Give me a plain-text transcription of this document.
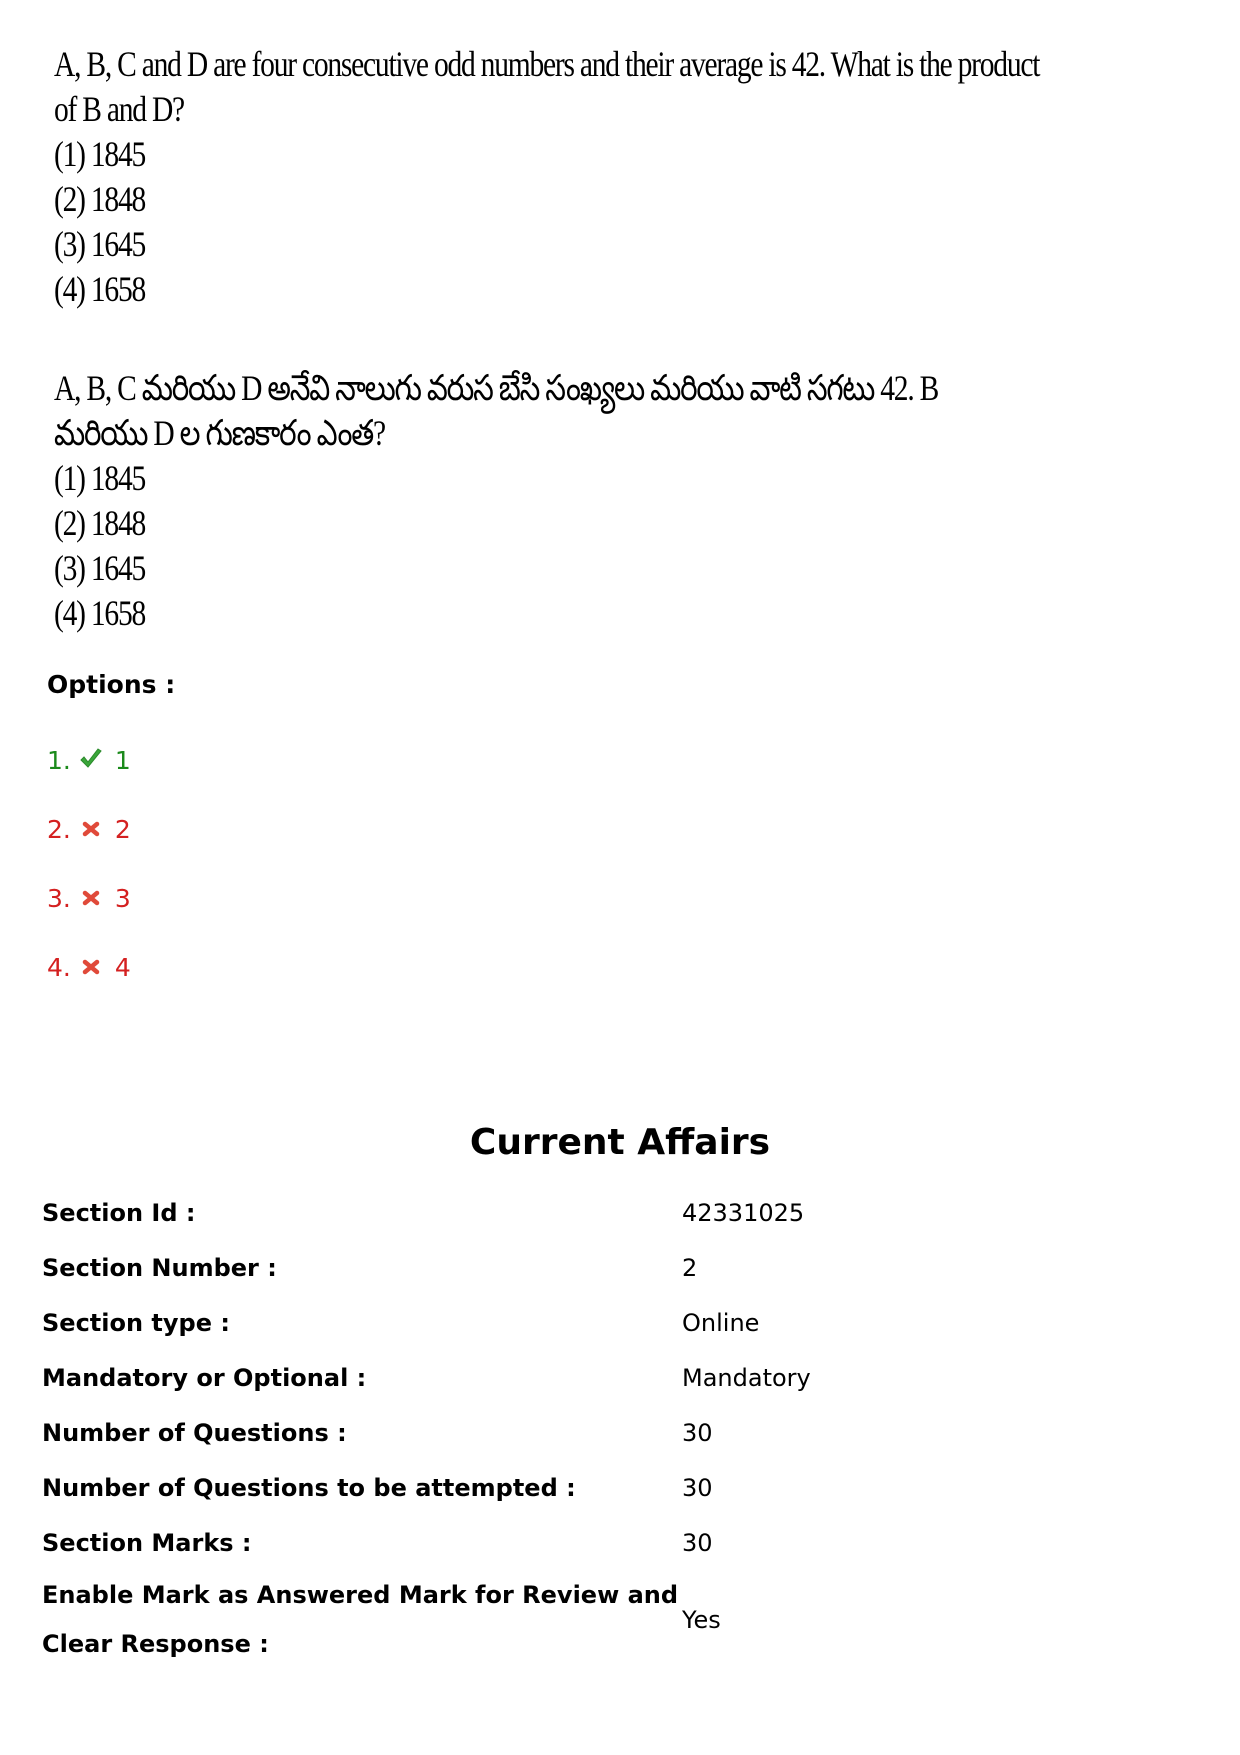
A, B, C and D are four consecutive odd numbers and their average is 42. What is the product
of B and D?
(1) 1845
(2) 1848
(3) 1645
(4) 1658
A, B, C మరియు D అనేవి నాలుగు వరుస బేసి సంఖ్యలు మరియు వాటి సగటు 42. B
మరియు D ల గుణకారం ఎంత?
(1) 1845
(2) 1848
(3) 1645
(4) 1658
Options :
1. 1
2. 2
3. 3
4. 4
Current Affairs
Section Id :	42331025
Section Number :	2
Section type :	Online
Mandatory or Optional :	Mandatory
Number of Questions :	30
Number of Questions to be attempted :	30
Section Marks :	30
Enable Mark as Answered Mark for Review and
Clear Response :	Yes
